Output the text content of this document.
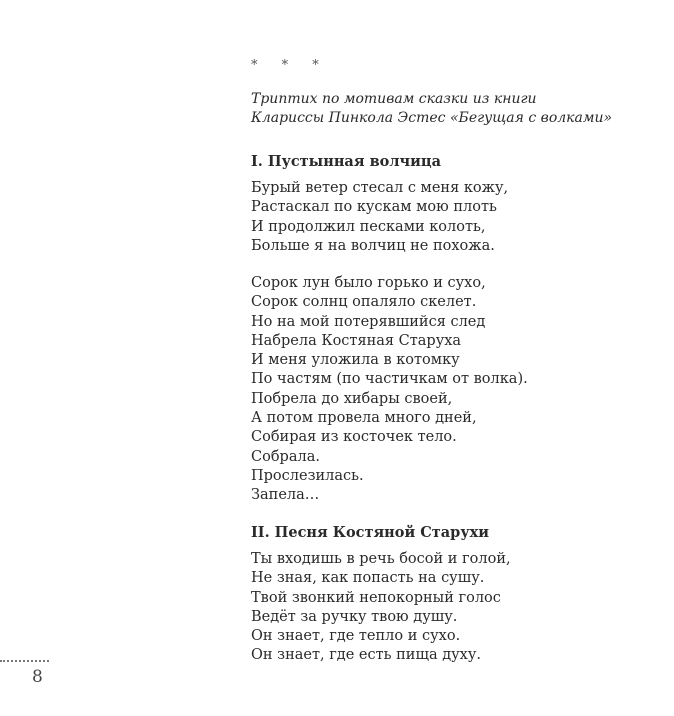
* * *
Триптих по мотивам сказки из книги
Клариссы Пинкола Эстес «Бегущая с волками»
I. Пустынная волчица
Бурый ветер стесал с меня кожу,
Растаскал по кускам мою плоть
И продолжил песками колоть,
Больше я на волчиц не похожа.
Сорок лун было горько и сухо,
Сорок солнц опаляло скелет.
Но на мой потерявшийся след
Набрела Костяная Старуха
И меня уложила в котомку
По частям (по частичкам от волка).
Побрела до хибары своей,
А потом провела много дней,
Собирая из косточек тело.
Собрала.
Прослезилась.
Запела…
II. Песня Костяной Старухи
Ты входишь в речь босой и голой,
Не зная, как попасть на сушу.
Твой звонкий непокорный голос
Ведёт за ручку твою душу.
Он знает, где тепло и сухо.
Он знает, где есть пища духу.
8
